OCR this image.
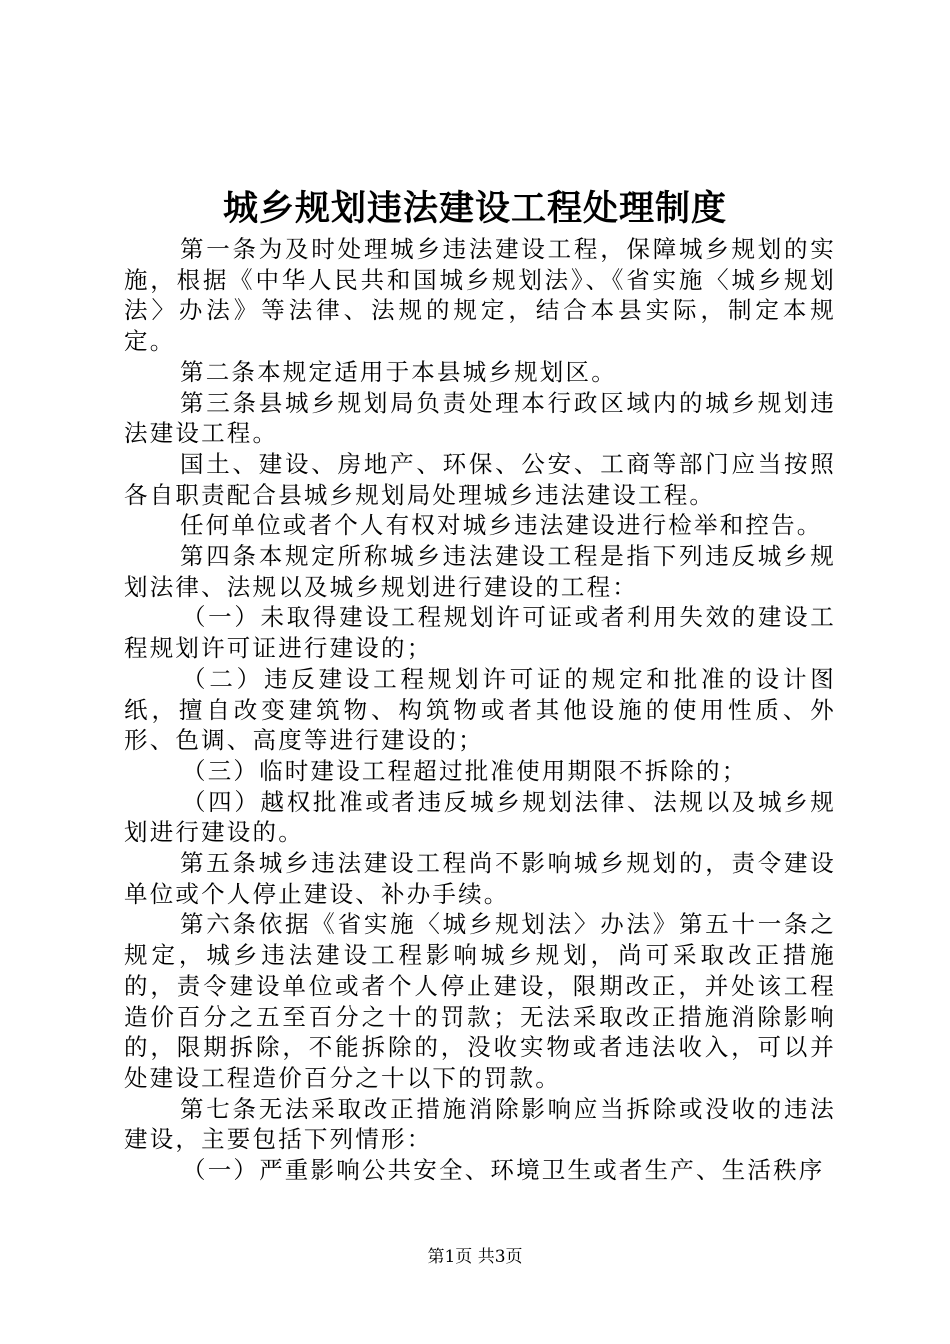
城乡规划违法建设工程处理制度

第一条为及时处理城乡违法建设工程，保障城乡规划的实施，根据《中华人民共和国城乡规划法》、《省实施〈城乡规划法〉办法》等法律、法规的规定，结合本县实际，制定本规定。

第二条本规定适用于本县城乡规划区。

第三条县城乡规划局负责处理本行政区域内的城乡规划违法建设工程。

国土、建设、房地产、环保、公安、工商等部门应当按照各自职责配合县城乡规划局处理城乡违法建设工程。

任何单位或者个人有权对城乡违法建设进行检举和控告。

第四条本规定所称城乡违法建设工程是指下列违反城乡规划法律、法规以及城乡规划进行建设的工程：

（一）未取得建设工程规划许可证或者利用失效的建设工程规划许可证进行建设的；

（二）违反建设工程规划许可证的规定和批准的设计图纸，擅自改变建筑物、构筑物或者其他设施的使用性质、外形、色调、高度等进行建设的；

（三）临时建设工程超过批准使用期限不拆除的；

（四）越权批准或者违反城乡规划法律、法规以及城乡规划进行建设的。

第五条城乡违法建设工程尚不影响城乡规划的，责令建设单位或个人停止建设、补办手续。

第六条依据《省实施〈城乡规划法〉办法》第五十一条之规定，城乡违法建设工程影响城乡规划，尚可采取改正措施的，责令建设单位或者个人停止建设，限期改正，并处该工程造价百分之五至百分之十的罚款；无法采取改正措施消除影响的，限期拆除，不能拆除的，没收实物或者违法收入，可以并处建设工程造价百分之十以下的罚款。

第七条无法采取改正措施消除影响应当拆除或没收的违法建设，主要包括下列情形：

（一）严重影响公共安全、环境卫生或者生产、生活秩序

第1页 共3页
